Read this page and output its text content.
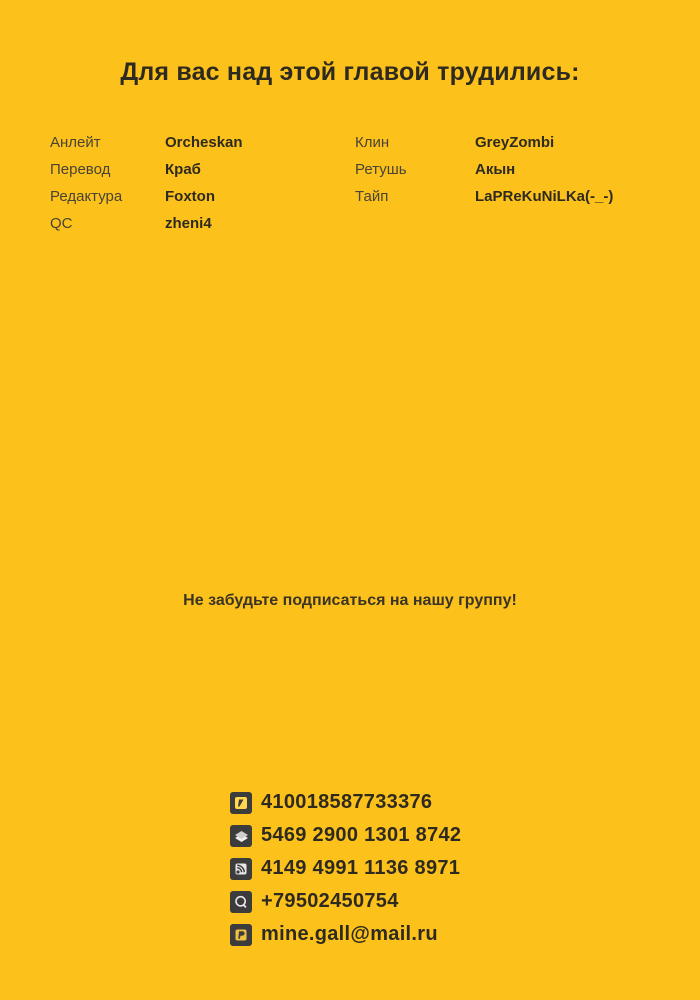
Для вас над этой главой трудились:
Анлейт
Перевод
Редактура
QC
Orcheskan
Краб
Foxton
zheni4
Клин
Ретушь
Тайп
GreyZombi
Акын
LaPReKuNiLKa(-_-)
Не забудьте подписаться на нашу группу!
410018587733376
5469 2900 1301 8742
4149 4991 1136 8971
+79502450754
mine.gall@mail.ru
